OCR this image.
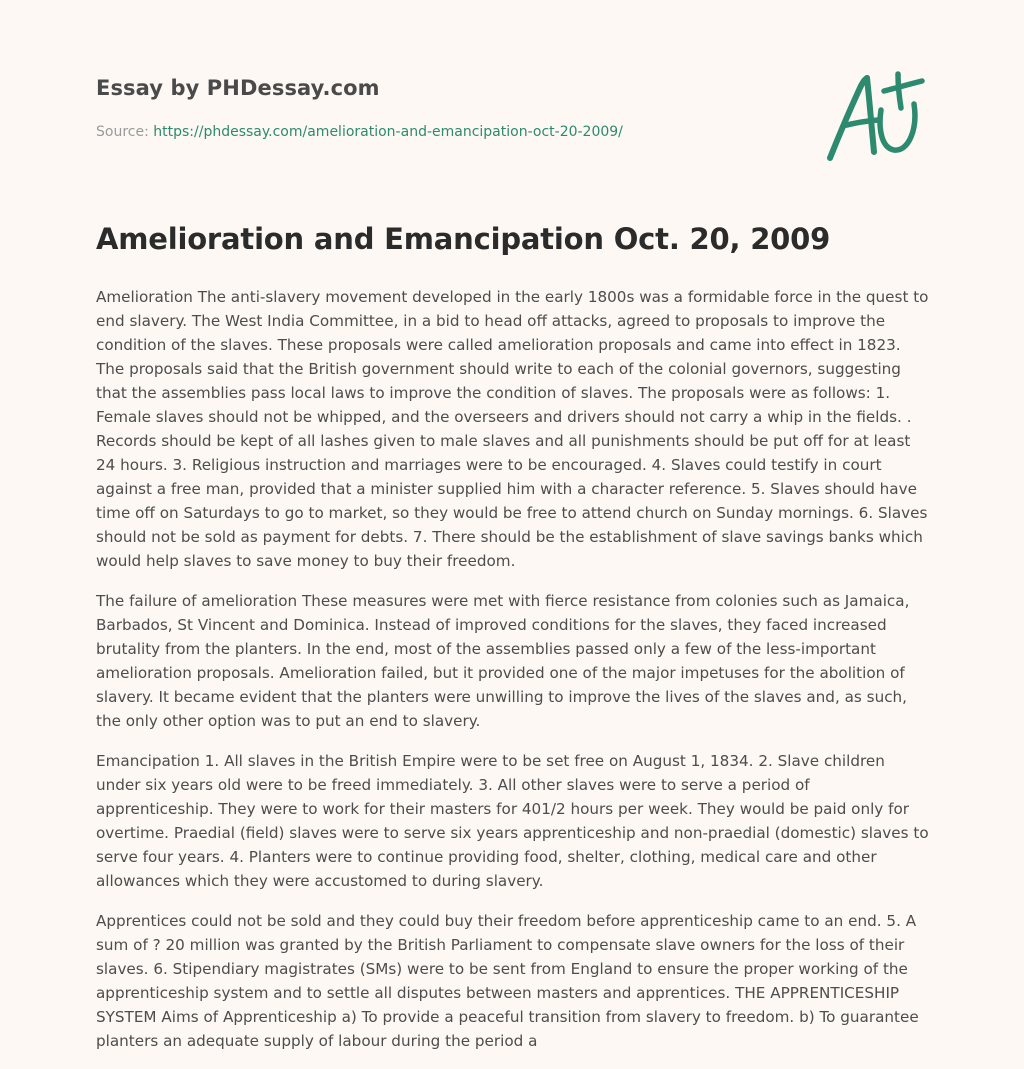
Essay by PHDessay.com
Source: https://phdessay.com/amelioration-and-emancipation-oct-20-2009/
Amelioration and Emancipation Oct. 20, 2009

Amelioration The anti-slavery movement developed in the early 1800s was a formidable force in the quest to end slavery. The West India Committee, in a bid to head off attacks, agreed to proposals to improve the condition of the slaves. These proposals were called amelioration proposals and came into effect in 1823. The proposals said that the British government should write to each of the colonial governors, suggesting that the assemblies pass local laws to improve the condition of slaves. The proposals were as follows: 1. Female slaves should not be whipped, and the overseers and drivers should not carry a whip in the fields. . Records should be kept of all lashes given to male slaves and all punishments should be put off for at least 24 hours. 3. Religious instruction and marriages were to be encouraged. 4. Slaves could testify in court against a free man, provided that a minister supplied him with a character reference. 5. Slaves should have time off on Saturdays to go to market, so they would be free to attend church on Sunday mornings. 6. Slaves should not be sold as payment for debts. 7. There should be the establishment of slave savings banks which would help slaves to save money to buy their freedom.

The failure of amelioration These measures were met with fierce resistance from colonies such as Jamaica, Barbados, St Vincent and Dominica. Instead of improved conditions for the slaves, they faced increased brutality from the planters. In the end, most of the assemblies passed only a few of the less-important amelioration proposals. Amelioration failed, but it provided one of the major impetuses for the abolition of slavery. It became evident that the planters were unwilling to improve the lives of the slaves and, as such, the only other option was to put an end to slavery.

Emancipation 1. All slaves in the British Empire were to be set free on August 1, 1834. 2. Slave children under six years old were to be freed immediately. 3. All other slaves were to serve a period of apprenticeship. They were to work for their masters for 401/2 hours per week. They would be paid only for overtime. Praedial (field) slaves were to serve six years apprenticeship and non-praedial (domestic) slaves to serve four years. 4. Planters were to continue providing food, shelter, clothing, medical care and other allowances which they were accustomed to during slavery.

Apprentices could not be sold and they could buy their freedom before apprenticeship came to an end. 5. A sum of ? 20 million was granted by the British Parliament to compensate slave owners for the loss of their slaves. 6. Stipendiary magistrates (SMs) were to be sent from England to ensure the proper working of the apprenticeship system and to settle all disputes between masters and apprentices. THE APPRENTICESHIP SYSTEM Aims of Apprenticeship a) To provide a peaceful transition from slavery to freedom. b) To guarantee planters an adequate supply of labour during the period a
